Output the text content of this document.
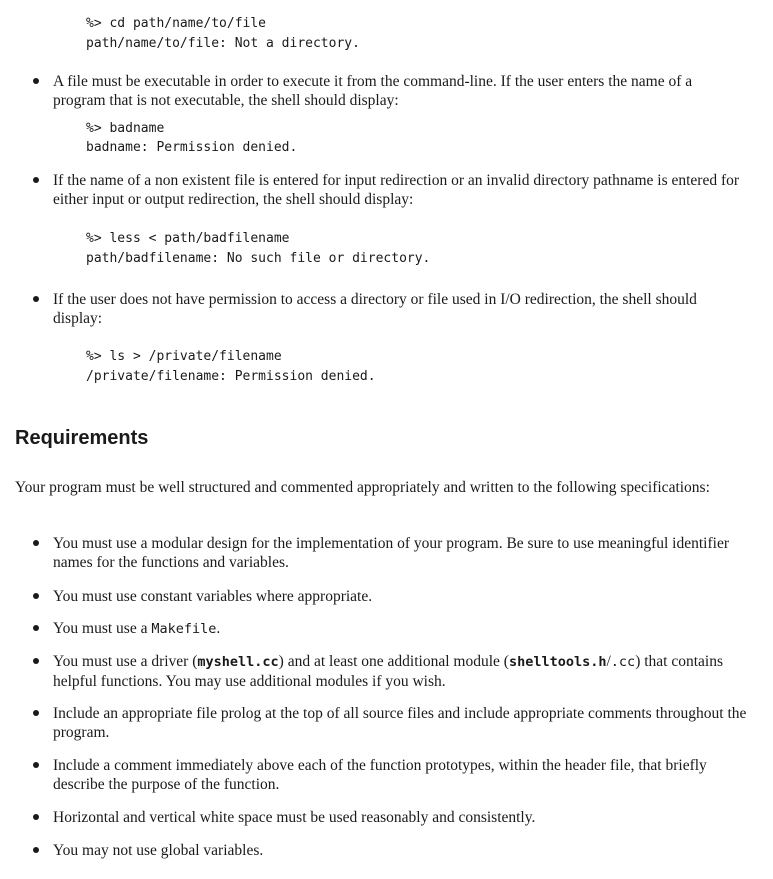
%> cd path/name/to/file
path/name/to/file: Not a directory.
A file must be executable in order to execute it from the command-line. If the user enters the name of a program that is not executable, the shell should display:
%> badname
badname: Permission denied.
If the name of a non existent file is entered for input redirection or an invalid directory pathname is entered for either input or output redirection, the shell should display:
%> less < path/badfilename
path/badfilename: No such file or directory.
If the user does not have permission to access a directory or file used in I/O redirection, the shell should display:
%> ls > /private/filename
/private/filename: Permission denied.
Requirements
Your program must be well structured and commented appropriately and written to the following specifications:
You must use a modular design for the implementation of your program. Be sure to use meaningful identifier names for the functions and variables.
You must use constant variables where appropriate.
You must use a Makefile.
You must use a driver (myshell.cc) and at least one additional module (shelltools.h/.cc) that contains helpful functions. You may use additional modules if you wish.
Include an appropriate file prolog at the top of all source files and include appropriate comments throughout the program.
Include a comment immediately above each of the function prototypes, within the header file, that briefly describe the purpose of the function.
Horizontal and vertical white space must be used reasonably and consistently.
You may not use global variables.
